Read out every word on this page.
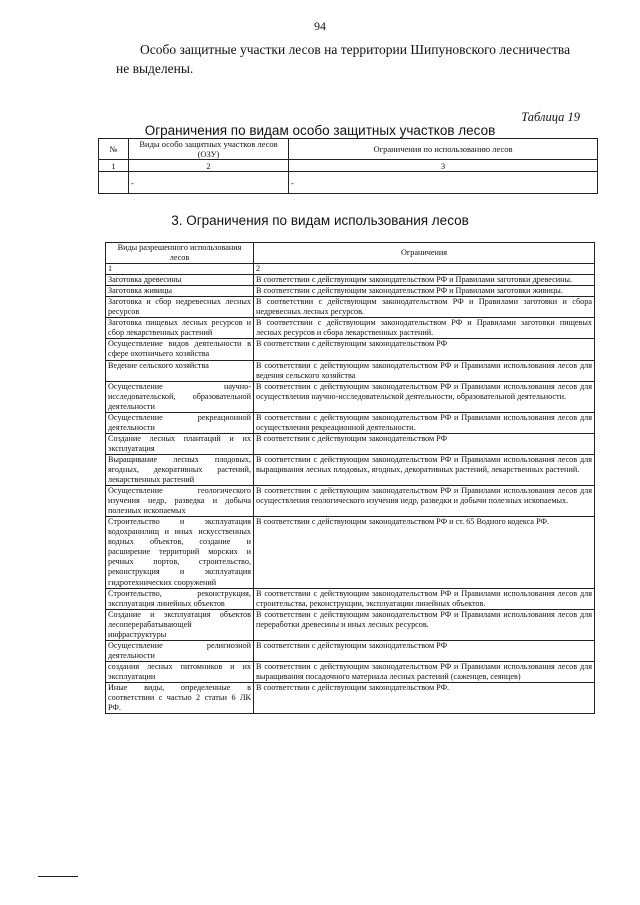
94
Особо защитные участки лесов на территории Шипуновского лесничества
не выделены.
Таблица 19
Ограничения по видам особо защитных участков лесов
№	Виды особо защитных участков лесов (ОЗУ)	Ограничения по использованию лесов
1	2	3
	-	-
3. Ограничения по видам использования лесов
Виды разрешенного использования лесов	Ограничения
1	2
Заготовка древесины	В соответствии с действующим законодательством РФ и Правилами заготовки древесины.
Заготовка живицы	В соответствии с действующим законодательством РФ и Правилами заготовки живицы.
Заготовка и сбор недревесных лесных ресурсов	В соответствии с действующим законодательством РФ и Правилами заготовки и сбора недревесных лесных ресурсов.
Заготовка пищевых лесных ресурсов и сбор лекарственных растений	В соответствии с действующим законодательством РФ и Правилами заготовки пищевых лесных ресурсов и сбора лекарственных растений.
Осуществление видов деятельности в сфере охотничьего хозяйства	В соответствии с действующим законодательством РФ
Ведение сельского хозяйства	В соответствии с действующим законодательством РФ и Правилами использования лесов для ведения сельского хозяйства
Осуществление научно-исследовательской, образовательной деятельности	В соответствии с действующим законодательством РФ и Правилами использования лесов для осуществления научно-исследовательской деятельности, образовательной деятельности.
Осуществление рекреационной деятельности	В соответствии с действующим законодательством РФ и Правилами использования лесов для осуществления рекреационной деятельности.
Создание лесных плантаций и их эксплуатация	В соответствии с действующим законодательством РФ
Выращивание лесных плодовых, ягодных, декоративных растений, лекарственных растений	В соответствии с действующим законодательством РФ и Правилами использования лесов для выращивания лесных плодовых, ягодных, декоративных растений, лекарственных растений.
Осуществление геологического изучения недр, разведка и добыча полезных ископаемых	В соответствии с действующим законодательством РФ и Правилами использования лесов для осуществления геологического изучения недр, разведки и добычи полезных ископаемых.
Строительство и эксплуатация водохранилищ и иных искусственных водных объектов, создание и расширение территорий морских и речных портов, строительство, реконструкция и эксплуатация гидротехнических сооружений	В соответствии с действующим законодательством РФ и ст. 65 Водного кодекса РФ.
Строительство, реконструкция, эксплуатация линейных объектов	В соответствии с действующим законодательством РФ и Правилами использования лесов для строительства, реконструкции, эксплуатации линейных объектов.
Создание и эксплуатация объектов лесоперерабатывающей инфраструктуры	В соответствии с действующим законодательством РФ и Правилами использования лесов для переработки древесины и иных лесных ресурсов.
Осуществление религиозной деятельности	В соответствии с действующим законодательством РФ
создания лесных питомников и их эксплуатации	В соответствии с действующим законодательством РФ и Правилами использования лесов для выращивания посадочного материала лесных растений (саженцев, сеянцев)
Иные виды, определенные в соответствии с частью 2 статьи 6 ЛК РФ.	В соответствии с действующим законодательством РФ.
